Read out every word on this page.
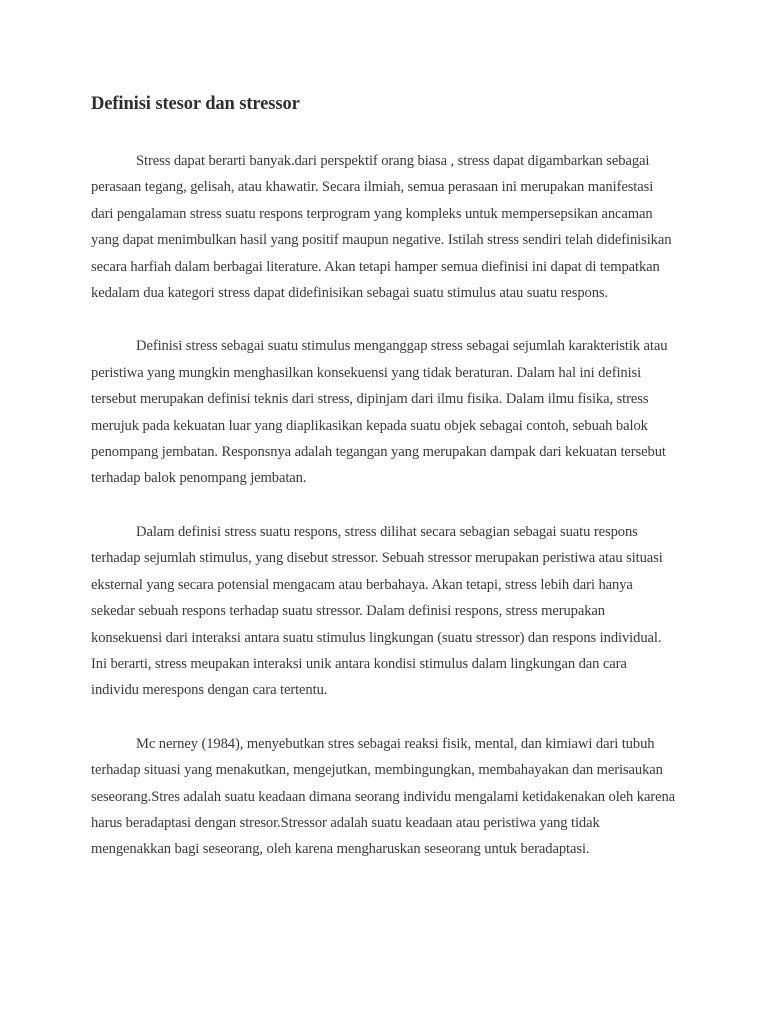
Definisi stesor dan stressor

Stress dapat berarti banyak.dari perspektif orang biasa , stress dapat digambarkan sebagai perasaan tegang, gelisah, atau khawatir. Secara ilmiah, semua perasaan ini merupakan manifestasi dari pengalaman stress suatu respons terprogram yang kompleks untuk mempersepsikan ancaman yang dapat menimbulkan hasil yang positif maupun negative. Istilah stress sendiri telah didefinisikan secara harfiah dalam berbagai literature. Akan tetapi hamper semua diefinisi ini dapat di tempatkan kedalam dua kategori stress dapat didefinisikan sebagai suatu stimulus atau suatu respons.

Definisi stress sebagai suatu stimulus menganggap stress sebagai sejumlah karakteristik atau peristiwa yang mungkin menghasilkan konsekuensi yang tidak beraturan. Dalam hal ini definisi tersebut merupakan definisi teknis dari stress, dipinjam dari ilmu fisika. Dalam ilmu fisika, stress merujuk pada kekuatan luar yang diaplikasikan kepada suatu objek sebagai contoh, sebuah balok penompang jembatan. Responsnya adalah tegangan yang merupakan dampak dari kekuatan tersebut terhadap balok penompang jembatan.

Dalam definisi stress suatu respons, stress dilihat secara sebagian sebagai suatu respons terhadap sejumlah stimulus, yang disebut stressor. Sebuah stressor merupakan peristiwa atau situasi eksternal yang secara potensial mengacam atau berbahaya. Akan tetapi, stress lebih dari hanya sekedar sebuah respons terhadap suatu stressor. Dalam definisi respons, stress merupakan konsekuensi dari interaksi antara suatu stimulus lingkungan (suatu stressor) dan respons individual. Ini berarti, stress meupakan interaksi unik antara kondisi stimulus dalam lingkungan dan cara individu merespons dengan cara tertentu.

Mc nerney (1984), menyebutkan stres sebagai reaksi fisik, mental, dan kimiawi dari tubuh terhadap situasi yang menakutkan, mengejutkan, membingungkan, membahayakan dan merisaukan seseorang.Stres adalah suatu keadaan dimana seorang individu mengalami ketidakenakan oleh karena harus beradaptasi dengan stresor.Stressor adalah suatu keadaan atau peristiwa yang tidak mengenakkan bagi seseorang, oleh karena mengharuskan seseorang untuk beradaptasi.
